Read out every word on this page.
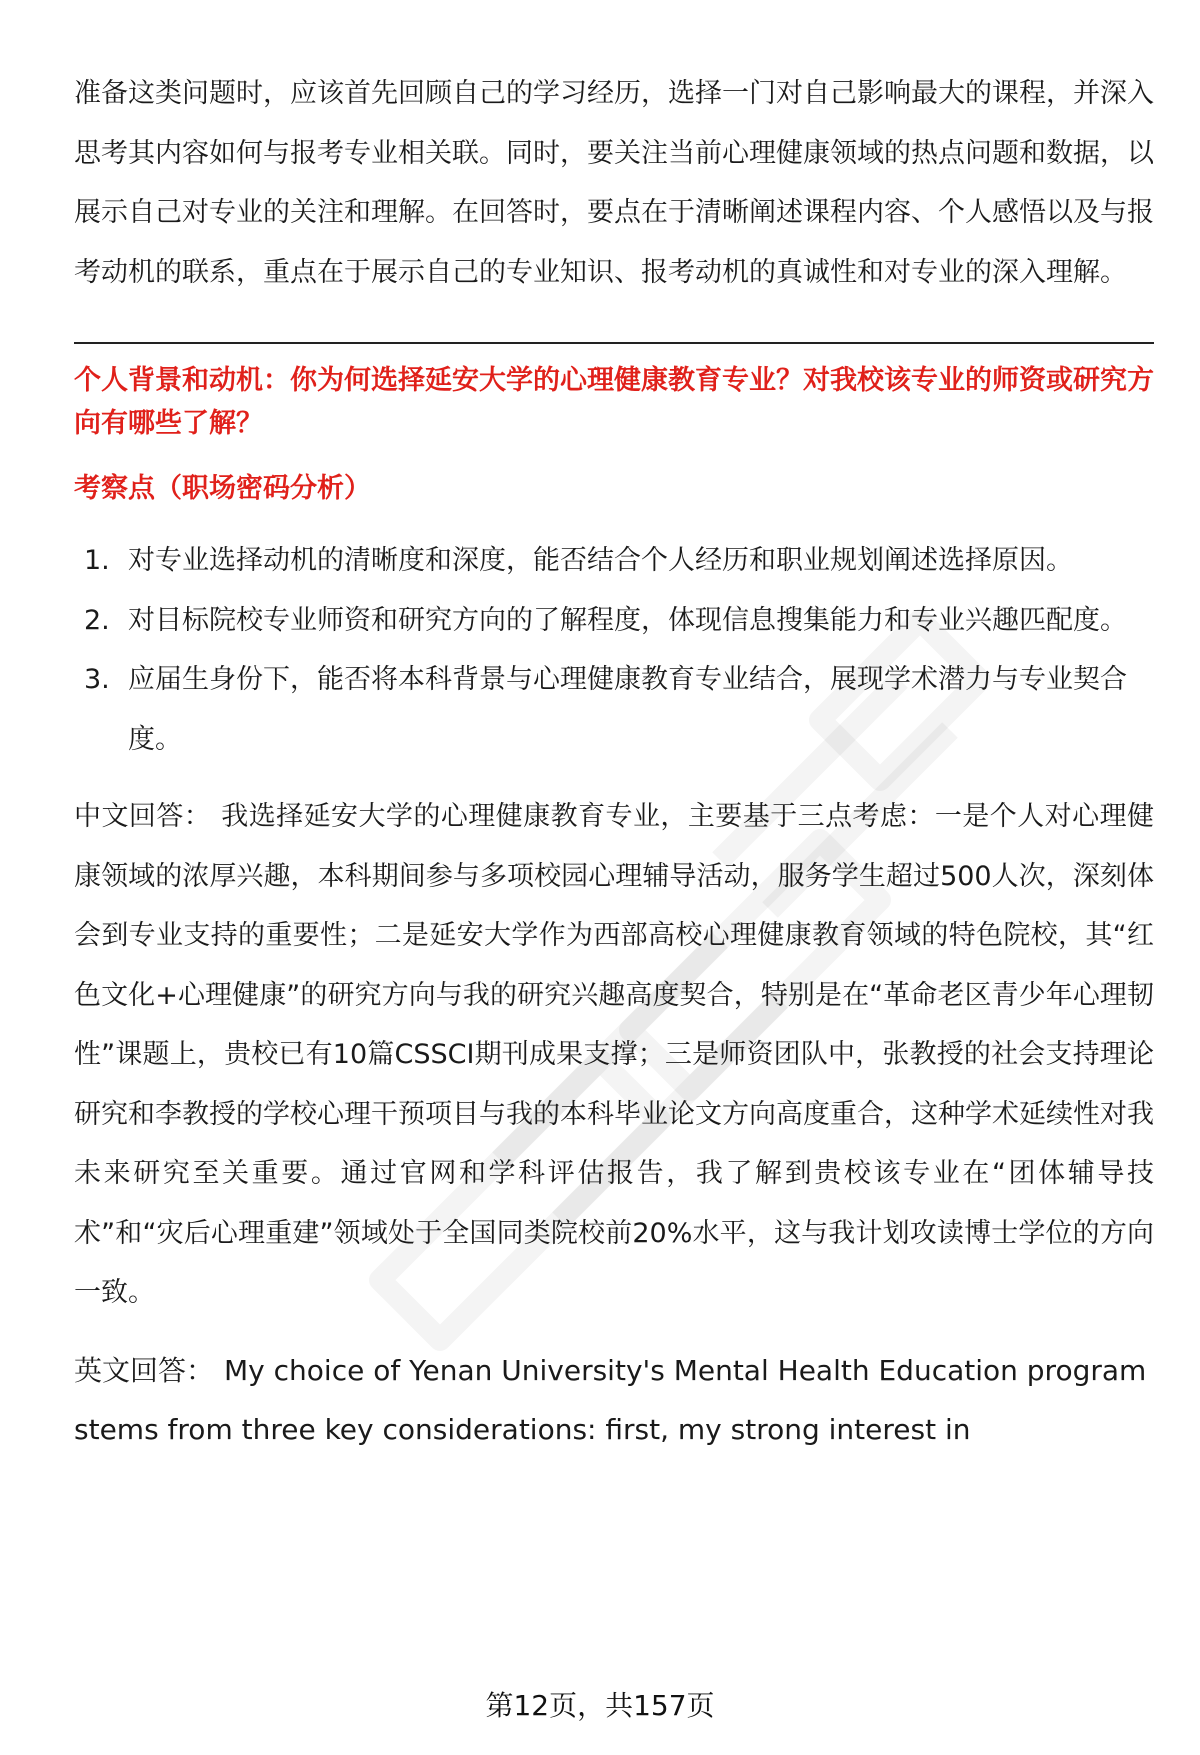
准备这类问题时，应该首先回顾自己的学习经历，选择一门对自己影响最大的课程，并深入思考其内容如何与报考专业相关联。同时，要关注当前心理健康领域的热点问题和数据，以展示自己对专业的关注和理解。在回答时，要点在于清晰阐述课程内容、个人感悟以及与报考动机的联系，重点在于展示自己的专业知识、报考动机的真诚性和对专业的深入理解。

个人背景和动机：你为何选择延安大学的心理健康教育专业？对我校该专业的师资或研究方向有哪些了解？
考察点（职场密码分析）
1. 对专业选择动机的清晰度和深度，能否结合个人经历和职业规划阐述选择原因。
2. 对目标院校专业师资和研究方向的了解程度，体现信息搜集能力和专业兴趣匹配度。
3. 应届生身份下，能否将本科背景与心理健康教育专业结合，展现学术潜力与专业契合度。

中文回答： 我选择延安大学的心理健康教育专业，主要基于三点考虑：一是个人对心理健康领域的浓厚兴趣，本科期间参与多项校园心理辅导活动，服务学生超过500人次，深刻体会到专业支持的重要性；二是延安大学作为西部高校心理健康教育领域的特色院校，其“红色文化+心理健康”的研究方向与我的研究兴趣高度契合，特别是在“革命老区青少年心理韧性”课题上，贵校已有10篇CSSCI期刊成果支撑；三是师资团队中，张教授的社会支持理论研究和李教授的学校心理干预项目与我的本科毕业论文方向高度重合，这种学术延续性对我未来研究至关重要。通过官网和学科评估报告，我了解到贵校该专业在“团体辅导技术”和“灾后心理重建”领域处于全国同类院校前20%水平，这与我计划攻读博士学位的方向一致。

英文回答： My choice of Yenan University's Mental Health Education program stems from three key considerations: first, my strong interest in

第12页，共157页
